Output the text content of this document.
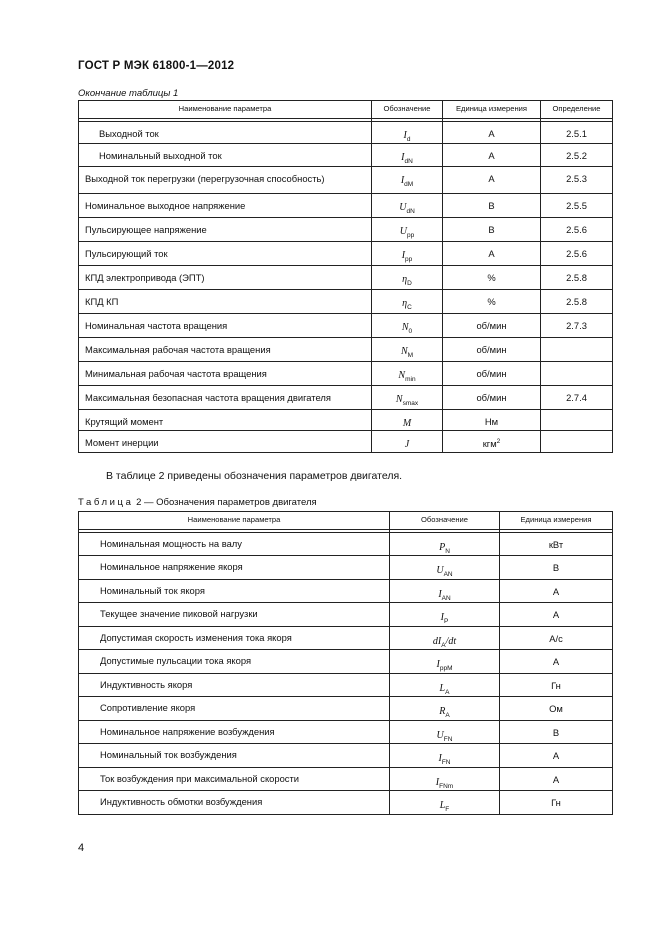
ГОСТ Р МЭК 61800-1—2012
Окончание таблицы 1
Наименование параметра	Обозначение	Единица измерения	Определение

Выходной ток	$I_d$	A	2.5.1
Номинальный выходной ток	$I_{dN}$	A	2.5.2
Выходной ток перегрузки (перегрузочная способность)	$I_{dM}$	A	2.5.3
Номинальное выходное напряжение	$U_{dN}$	В	2.5.5
Пульсирующее напряжение	$U_{pp}$	В	2.5.6
Пульсирующий ток	$I_{pp}$	A	2.5.6
КПД электропривода (ЭПТ)	$\eta_D$	%	2.5.8
КПД КП	$\eta_C$	%	2.5.8
Номинальная частота вращения	$N_0$	об/мин	2.7.3
Максимальная рабочая частота вращения	$N_M$	об/мин	
Минимальная рабочая частота вращения	$N_{min}$	об/мин	
Максимальная безопасная частота вращения двигателя	$N_{smax}$	об/мин	2.7.4
Крутящий момент	M	Нм	
Момент инерции	J	кгм$^2$	
В таблице 2 приведены обозначения параметров двигателя.
Таблица 2 — Обозначения параметров двигателя
Наименование параметра	Обозначение	Единица измерения

Номинальная мощность на валу	$P_N$	кВт
Номинальное напряжение якоря	$U_{AN}$	В
Номинальный ток якоря	$I_{AN}$	A
Текущее значение пиковой нагрузки	$I_P$	A
Допустимая скорость изменения тока якоря	$dI_A/dt$	A/c
Допустимые пульсации тока якоря	$I_{ppM}$	A
Индуктивность якоря	$L_A$	Гн
Сопротивление якоря	$R_A$	Ом
Номинальное напряжение возбуждения	$U_{FN}$	В
Номинальный ток возбуждения	$I_{FN}$	A
Ток возбуждения при максимальной скорости	$I_{FNm}$	A
Индуктивность обмотки возбуждения	$L_F$	Гн
4
